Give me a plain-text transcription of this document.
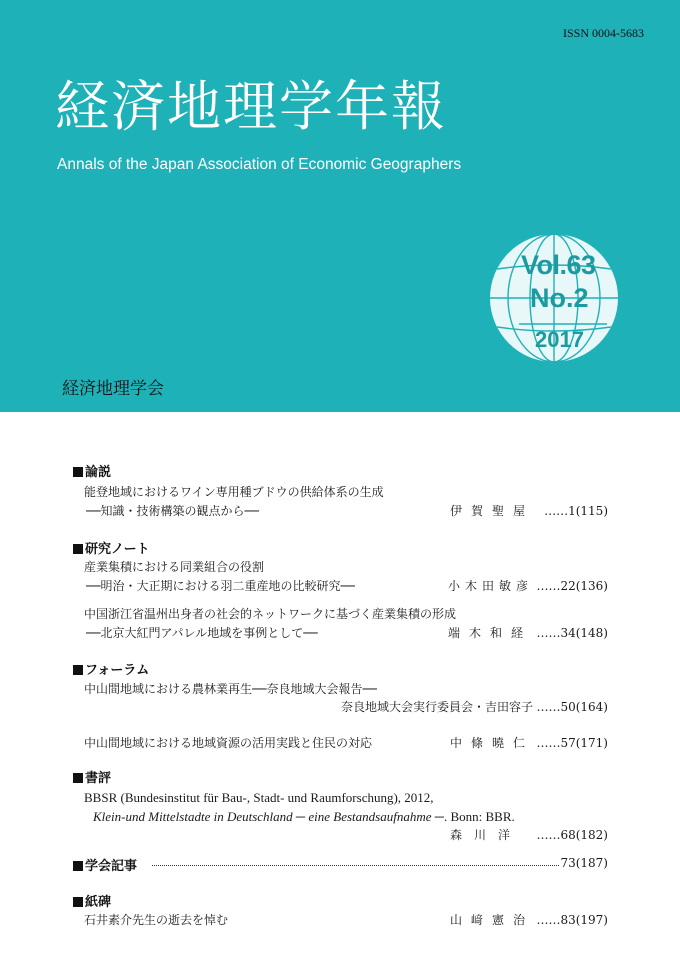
ISSN 0004-5683
経済地理学年報
Annals of the Japan Association of Economic Geographers
Vol.63
No.2
2017
経済地理学会
論説
能登地域におけるワイン専用種ブドウの供給体系の生成
──知識・技術構築の観点から──	伊賀聖屋 ……1(115)
研究ノート
産業集積における同業組合の役割
──明治・大正期における羽二重産地の比較研究──	小木田敏彦 ……22(136)
中国浙江省温州出身者の社会的ネットワークに基づく産業集積の形成
──北京大紅門アパレル地域を事例として──	端木和経 ……34(148)
フォーラム
中山間地域における農林業再生──奈良地域大会報告──
奈良地域大会実行委員会・吉田容子 ……50(164)
中山間地域における地域資源の活用実践と住民の対応	中條曉仁 ……57(171)
書評
BBSR (Bundesinstitut für Bau-, Stadt- und Raumforschung), 2012,
Klein-und Mittelstadte in Deutschland ─ eine Bestandsaufnahme ─. Bonn: BBR.
森川洋 ……68(182)
学会記事	73(187)
紙碑
石井素介先生の逝去を悼む	山﨑憲治 ……83(197)
